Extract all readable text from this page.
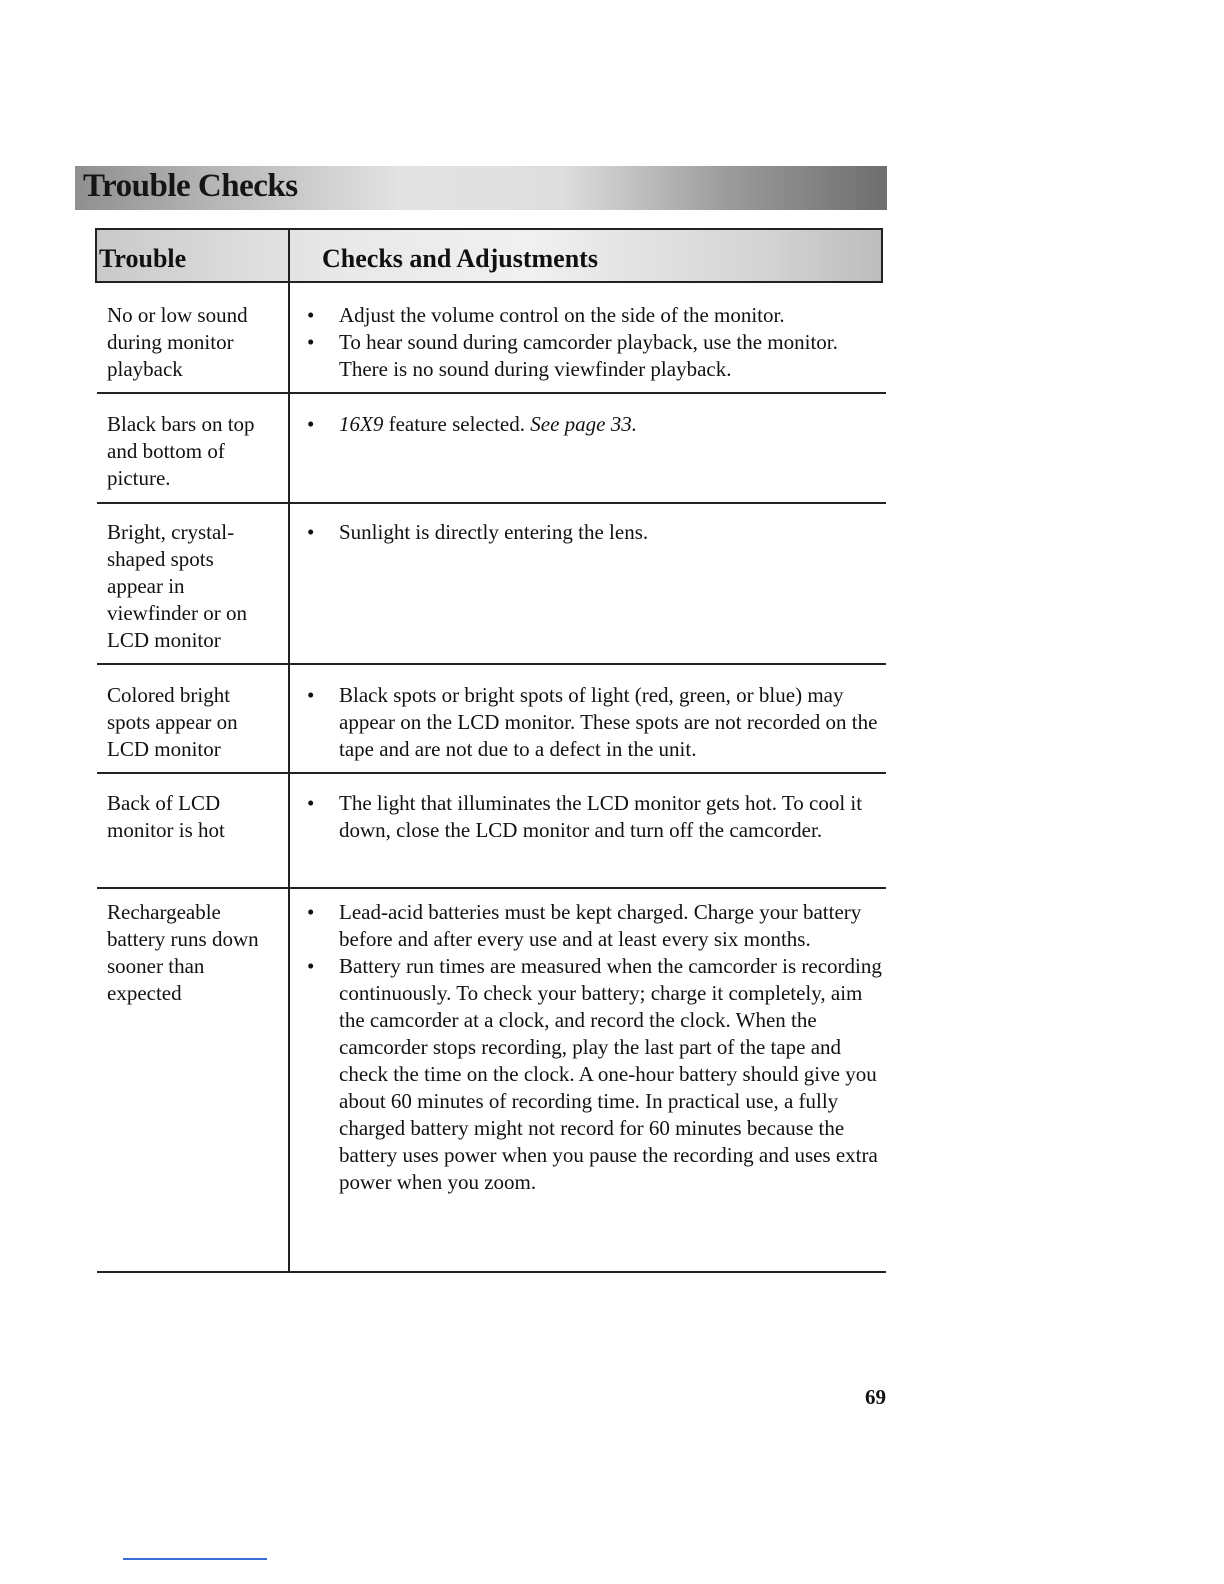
Trouble Checks
Trouble	Checks and Adjustments
No or low sound
during monitor
playback
•	Adjust the volume control on the side of the monitor.
•	To hear sound during camcorder playback, use the monitor. There is no sound during viewfinder playback.
Black bars on top
and bottom of
picture.
•	16X9 feature selected. See page 33.
Bright, crystal-
shaped spots
appear in
viewfinder or on
LCD monitor
•	Sunlight is directly entering the lens.
Colored bright
spots appear on
LCD monitor
•	Black spots or bright spots of light (red, green, or blue) may appear on the LCD monitor. These spots are not recorded on the tape and are not due to a defect in the unit.
Back of LCD
monitor is hot
•	The light that illuminates the LCD monitor gets hot. To cool it down, close the LCD monitor and turn off the camcorder.
Rechargeable
battery runs down
sooner than
expected
•	Lead-acid batteries must be kept charged. Charge your battery before and after every use and at least every six months.
•	Battery run times are measured when the camcorder is recording continuously. To check your battery; charge it completely, aim the camcorder at a clock, and record the clock. When the camcorder stops recording, play the last part of the tape and check the time on the clock. A one-hour battery should give you about 60 minutes of recording time. In practical use, a fully charged battery might not record for 60 minutes because the battery uses power when you pause the recording and uses extra power when you zoom.
69
